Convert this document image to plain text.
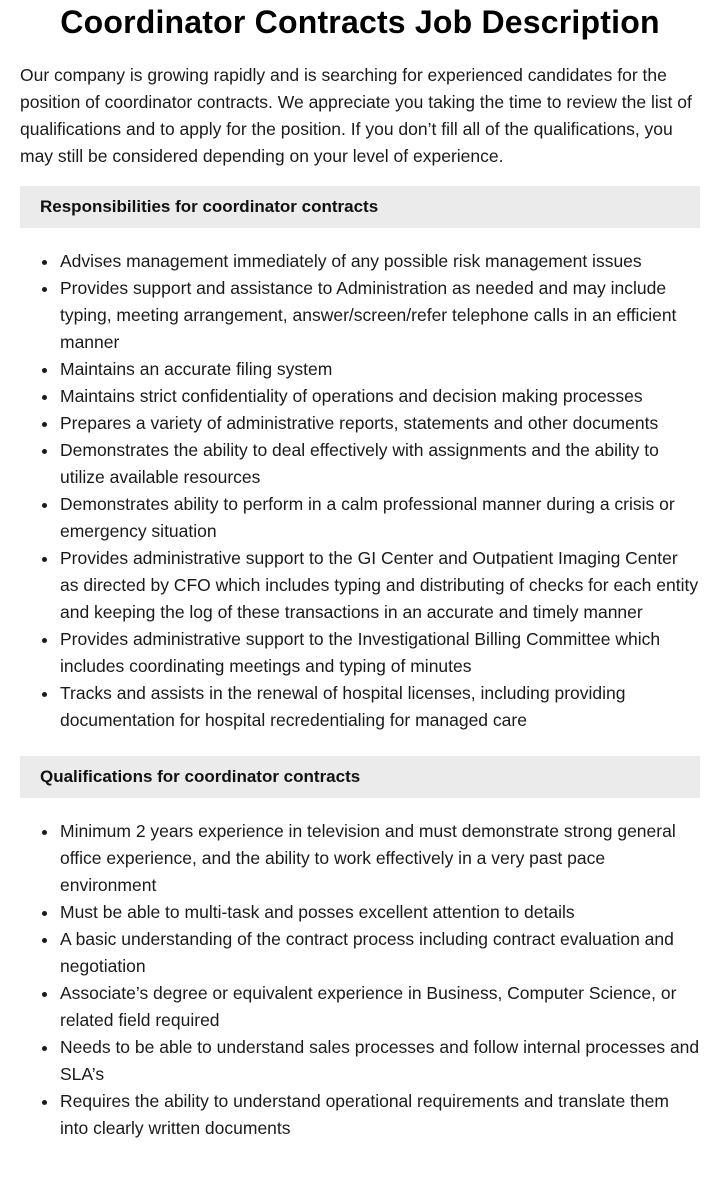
Coordinator Contracts Job Description

Our company is growing rapidly and is searching for experienced candidates for the position of coordinator contracts. We appreciate you taking the time to review the list of qualifications and to apply for the position. If you don’t fill all of the qualifications, you may still be considered depending on your level of experience.

Responsibilities for coordinator contracts
Advises management immediately of any possible risk management issues
Provides support and assistance to Administration as needed and may include typing, meeting arrangement, answer/screen/refer telephone calls in an efficient manner
Maintains an accurate filing system
Maintains strict confidentiality of operations and decision making processes
Prepares a variety of administrative reports, statements and other documents
Demonstrates the ability to deal effectively with assignments and the ability to utilize available resources
Demonstrates ability to perform in a calm professional manner during a crisis or emergency situation
Provides administrative support to the GI Center and Outpatient Imaging Center as directed by CFO which includes typing and distributing of checks for each entity and keeping the log of these transactions in an accurate and timely manner
Provides administrative support to the Investigational Billing Committee which includes coordinating meetings and typing of minutes
Tracks and assists in the renewal of hospital licenses, including providing documentation for hospital recredentialing for managed care
Qualifications for coordinator contracts
Minimum 2 years experience in television and must demonstrate strong general office experience, and the ability to work effectively in a very past pace environment
Must be able to multi-task and posses excellent attention to details
A basic understanding of the contract process including contract evaluation and negotiation
Associate’s degree or equivalent experience in Business, Computer Science, or related field required
Needs to be able to understand sales processes and follow internal processes and SLA’s
Requires the ability to understand operational requirements and translate them into clearly written documents
